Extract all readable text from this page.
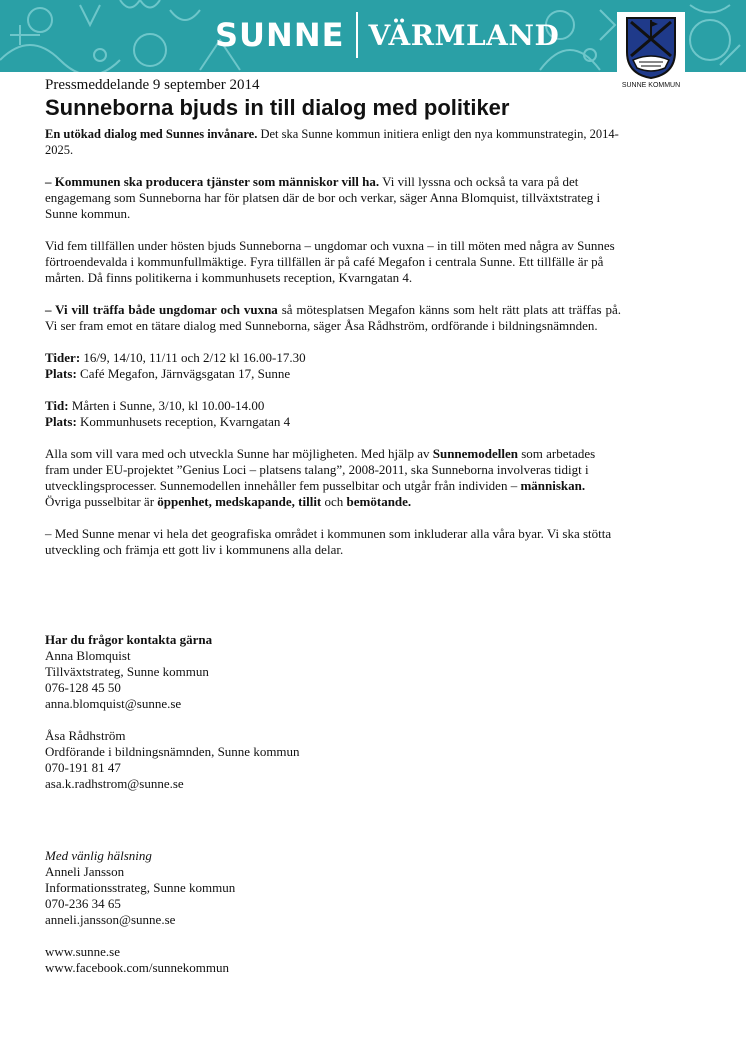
SUNNE VÄRMLAND
SUNNE KOMMUN

Pressmeddelande 9 september 2014

Sunneborna bjuds in till dialog med politiker

En utökad dialog med Sunnes invånare. Det ska Sunne kommun initiera enligt den nya kommunstrategin, 2014-2025.

– Kommunen ska producera tjänster som människor vill ha. Vi vill lyssna och också ta vara på det engagemang som Sunneborna har för platsen där de bor och verkar, säger Anna Blomquist, tillväxtstrateg i Sunne kommun.

Vid fem tillfällen under hösten bjuds Sunneborna – ungdomar och vuxna – in till möten med några av Sunnes förtroendevalda i kommunfullmäktige. Fyra tillfällen är på café Megafon i centrala Sunne. Ett tillfälle är på mårten. Då finns politikerna i kommunhusets reception, Kvarngatan 4.

– Vi vill träffa både ungdomar och vuxna så mötesplatsen Megafon känns som helt rätt plats att träffas på. Vi ser fram emot en tätare dialog med Sunneborna, säger Åsa Rådhström, ordförande i bildningsnämnden.

Tider: 16/9, 14/10, 11/11 och 2/12 kl 16.00-17.30

Plats: Café Megafon, Järnvägsgatan 17, Sunne

Tid: Mårten i Sunne, 3/10, kl 10.00-14.00

Plats: Kommunhusets reception, Kvarngatan 4

Alla som vill vara med och utveckla Sunne har möjligheten. Med hjälp av Sunnemodellen som arbetades fram under EU-projektet ”Genius Loci – platsens talang”, 2008-2011, ska Sunneborna involveras tidigt i utvecklingsprocesser. Sunnemodellen innehåller fem pusselbitar och utgår från individen – människan. Övriga pusselbitar är öppenhet, medskapande, tillit och bemötande.

– Med Sunne menar vi hela det geografiska området i kommunen som inkluderar alla våra byar. Vi ska stötta utveckling och främja ett gott liv i kommunens alla delar.

Har du frågor kontakta gärna

Anna Blomquist

Tillväxtstrateg, Sunne kommun

076-128 45 50

anna.blomquist@sunne.se

Åsa Rådhström

Ordförande i bildningsnämnden, Sunne kommun

070-191 81 47

asa.k.radhstrom@sunne.se

Med vänlig hälsning

Anneli Jansson

Informationsstrateg, Sunne kommun

070-236 34 65

anneli.jansson@sunne.se

www.sunne.se

www.facebook.com/sunnekommun
